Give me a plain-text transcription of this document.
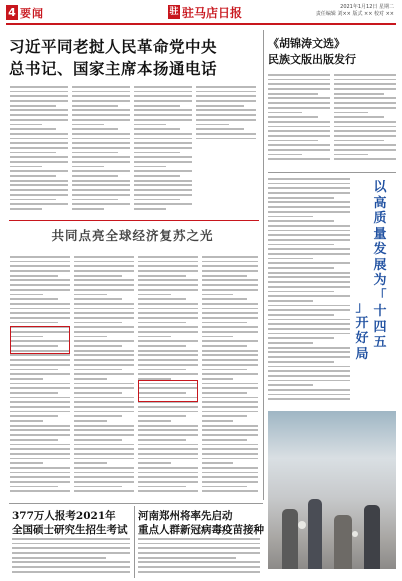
4 要闻	驻 驻马店日报	2021年1月12日 星期二
责任编辑 刘×× 版式 ×× 校对 ××
习近平同老挝人民革命党中央
总书记、国家主席本扬通电话
《胡锦涛文选》
民族文版出版发行
共同点亮全球经济复苏之光
以
高
质
量
发
展
为
「
十
四
五
」
开
好
局
377万人报考2021年
全国硕士研究生招生考试
河南郑州将率先启动
重点人群新冠病毒疫苗接种
